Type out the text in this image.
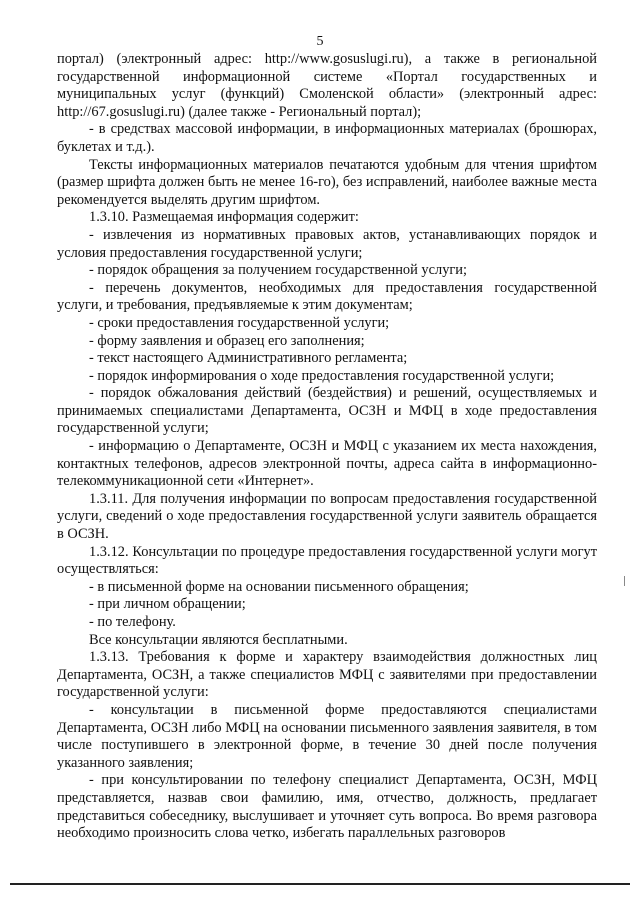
5

портал) (электронный адрес: http://www.gosuslugi.ru), а также в региональной государственной информационной системе «Портал государственных и муниципальных услуг (функций) Смоленской области» (электронный адрес: http://67.gosuslugi.ru) (далее также - Региональный портал);

- в средствах массовой информации, в информационных материалах (брошюрах, буклетах и т.д.).

Тексты информационных материалов печатаются удобным для чтения шрифтом (размер шрифта должен быть не менее 16-го), без исправлений, наиболее важные места рекомендуется выделять другим шрифтом.

1.3.10. Размещаемая информация содержит:

- извлечения из нормативных правовых актов, устанавливающих порядок и условия предоставления государственной услуги;

- порядок обращения за получением государственной услуги;

- перечень документов, необходимых для предоставления государственной услуги, и требования, предъявляемые к этим документам;

- сроки предоставления государственной услуги;

- форму заявления и образец его заполнения;

- текст настоящего Административного регламента;

- порядок информирования о ходе предоставления государственной услуги;

- порядок обжалования действий (бездействия) и решений, осуществляемых и принимаемых специалистами Департамента, ОСЗН и МФЦ в ходе предоставления государственной услуги;

- информацию о Департаменте, ОСЗН и МФЦ с указанием их места нахождения, контактных телефонов, адресов электронной почты, адреса сайта в информационно-телекоммуникационной сети «Интернет».

1.3.11. Для получения информации по вопросам предоставления государственной услуги, сведений о ходе предоставления государственной услуги заявитель обращается в ОСЗН.

1.3.12. Консультации по процедуре предоставления государственной услуги могут осуществляться:

- в письменной форме на основании письменного обращения;

- при личном обращении;

- по телефону.

Все консультации являются бесплатными.

1.3.13. Требования к форме и характеру взаимодействия должностных лиц Департамента, ОСЗН, а также специалистов МФЦ с заявителями при предоставлении государственной услуги:

- консультации в письменной форме предоставляются специалистами Департамента, ОСЗН либо МФЦ на основании письменного заявления заявителя, в том числе поступившего в электронной форме, в течение 30 дней после получения указанного заявления;

- при консультировании по телефону специалист Департамента, ОСЗН, МФЦ представляется, назвав свои фамилию, имя, отчество, должность, предлагает представиться собеседнику, выслушивает и уточняет суть вопроса. Во время разговора необходимо произносить слова четко, избегать параллельных разговоров
